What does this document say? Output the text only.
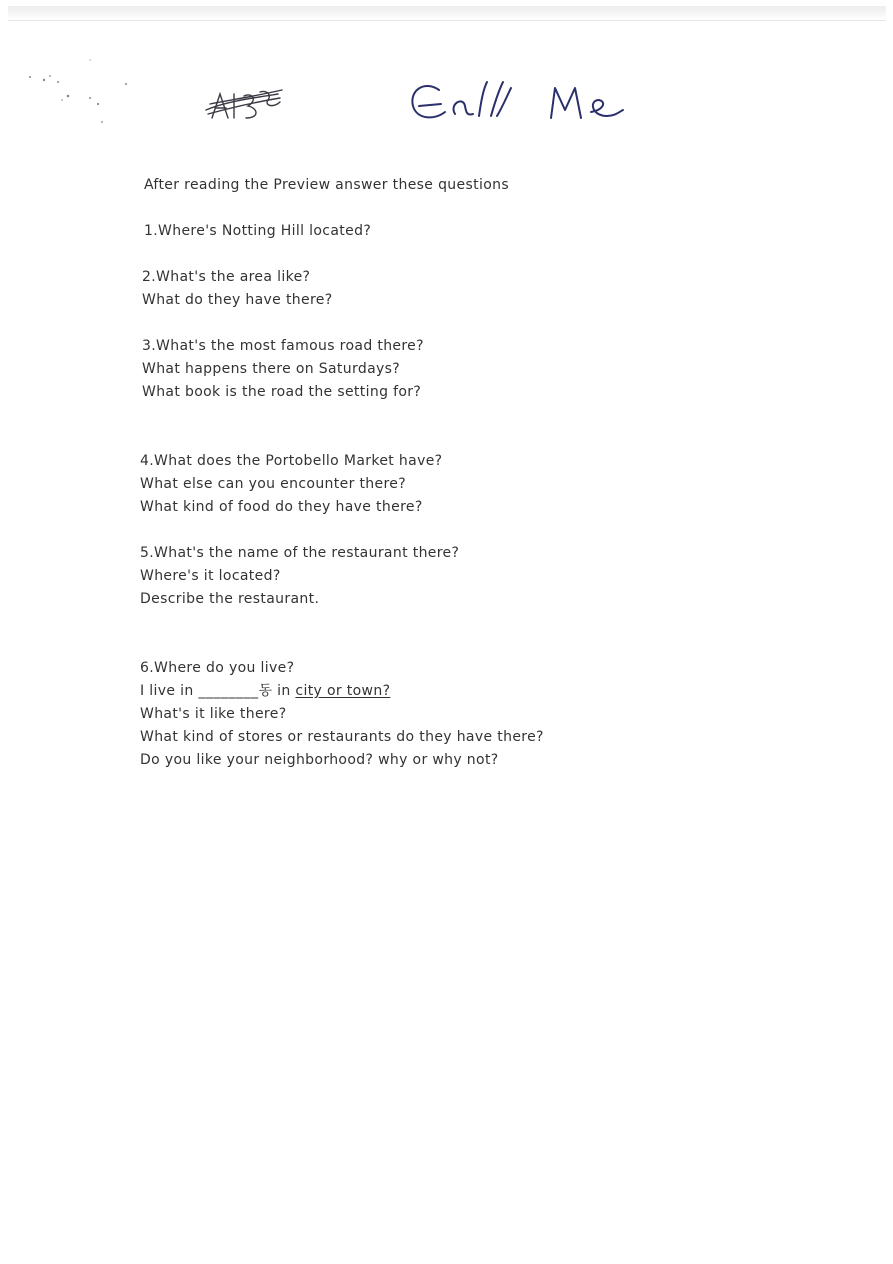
After reading the Preview answer these questions
1.Where's Notting Hill located?
2.What's the area like?
What do they have there?
3.What's the most famous road there?
What happens there on Saturdays?
What book is the road the setting for?
4.What does the Portobello Market have?
What else can you encounter there?
What kind of food do they have there?
5.What's the name of the restaurant there?
Where's it located?
Describe the restaurant.
6.Where do you live?
I live in ________동 in city or town?
What's it like there?
What kind of stores or restaurants do they have there?
Do you like your neighborhood? why or why not?
